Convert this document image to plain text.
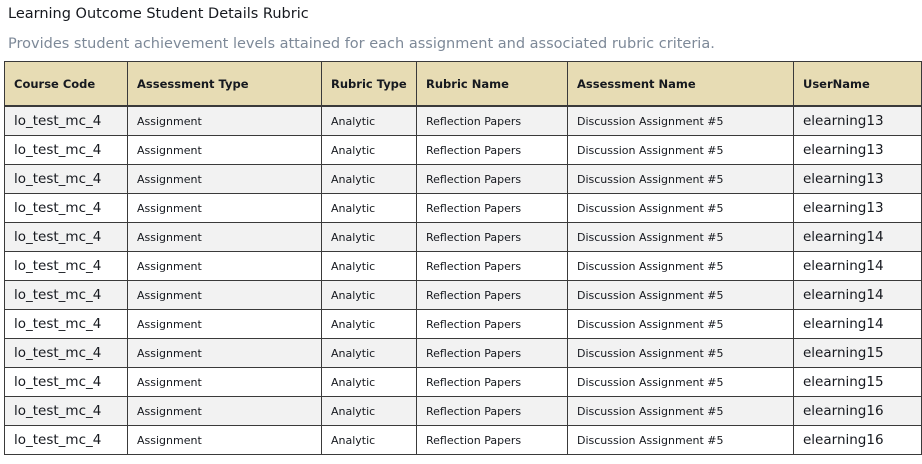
Learning Outcome Student Details Rubric
Provides student achievement levels attained for each assignment and associated rubric criteria.
Course Code	Assessment Type	Rubric Type	Rubric Name	Assessment Name	UserName
lo_test_mc_4	Assignment	Analytic	Reflection Papers	Discussion Assignment #5	elearning13
lo_test_mc_4	Assignment	Analytic	Reflection Papers	Discussion Assignment #5	elearning13
lo_test_mc_4	Assignment	Analytic	Reflection Papers	Discussion Assignment #5	elearning13
lo_test_mc_4	Assignment	Analytic	Reflection Papers	Discussion Assignment #5	elearning13
lo_test_mc_4	Assignment	Analytic	Reflection Papers	Discussion Assignment #5	elearning14
lo_test_mc_4	Assignment	Analytic	Reflection Papers	Discussion Assignment #5	elearning14
lo_test_mc_4	Assignment	Analytic	Reflection Papers	Discussion Assignment #5	elearning14
lo_test_mc_4	Assignment	Analytic	Reflection Papers	Discussion Assignment #5	elearning14
lo_test_mc_4	Assignment	Analytic	Reflection Papers	Discussion Assignment #5	elearning15
lo_test_mc_4	Assignment	Analytic	Reflection Papers	Discussion Assignment #5	elearning15
lo_test_mc_4	Assignment	Analytic	Reflection Papers	Discussion Assignment #5	elearning16
lo_test_mc_4	Assignment	Analytic	Reflection Papers	Discussion Assignment #5	elearning16
